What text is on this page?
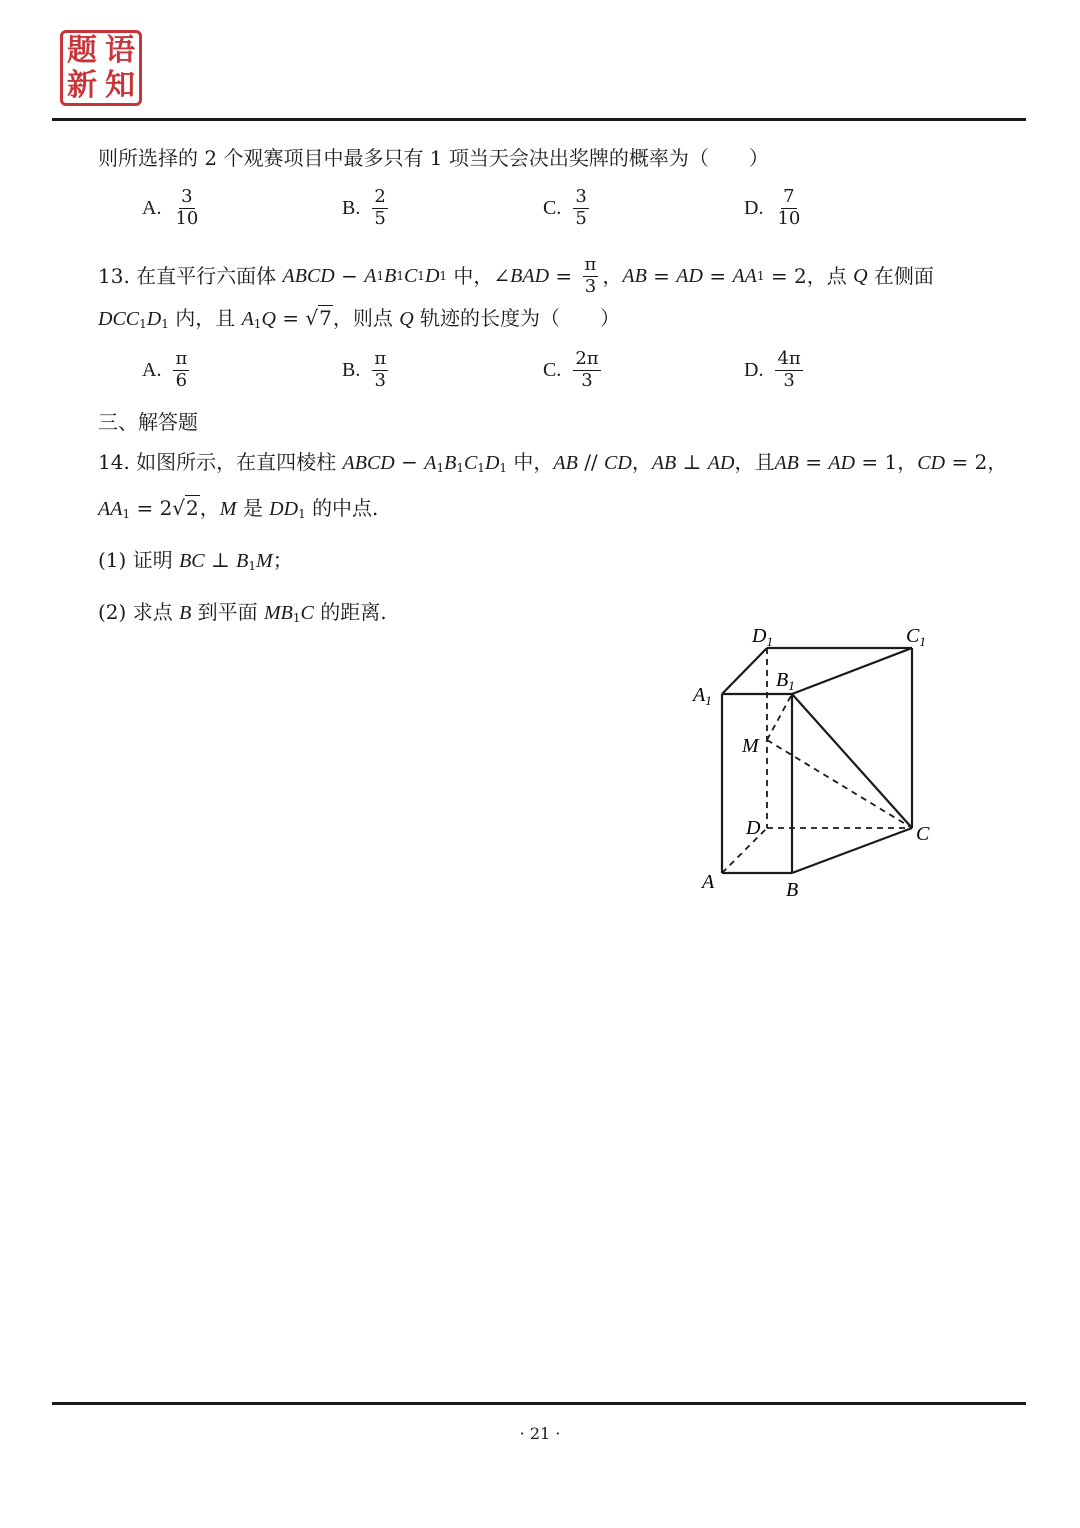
题 语
新 知
则所选择的 2 个观赛项目中最多只有 1 项当天会决出奖牌的概率为（　　）
A. $\frac{3}{10}$	B. $\frac{2}{5}$	C. $\frac{3}{5}$	D. $\frac{7}{10}$
13.
在直平行六面体
ABCD
−
A 1 B 1 C 1 D 1
中，∠ BAD
=
$\frac{\pi}{3}$ ， AB
=
AD
=
AA 1
=
2 ，点
Q
在侧面
$DCC_1D_1$ 内，且 $A_1Q = √7$，则点 Q 轨迹的长度为（　　）
A. $\frac{\pi}{6}$	B. $\frac{\pi}{3}$	C. $\frac{2\pi}{3}$	D. $\frac{4\pi}{3}$
三、解答题
14. 如图所示，在直四棱柱 ABCD − $A_1B_1C_1D_1$ 中，AB // CD，AB ⊥ AD，且AB = AD = 1，CD = 2，
$AA_1 = 2√2$，M 是 $DD_1$ 的中点.
(1) 证明 BC ⊥ $B_1M$；
(2) 求点 B 到平面 $MB_1C$ 的距离.
$D_1$	$C_1$
$B_1$
$A_1$
M
D	C
A	B
· 21 ·
